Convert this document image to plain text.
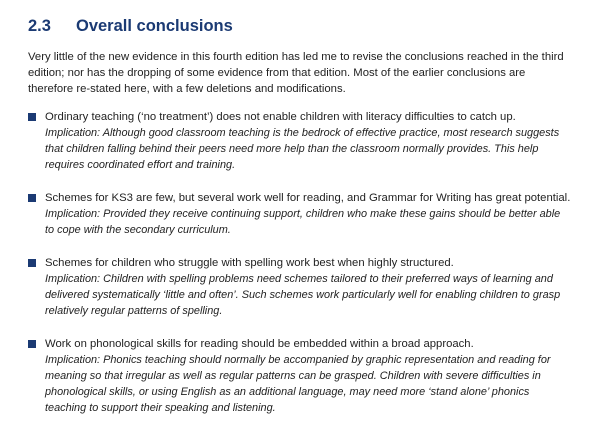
2.3	Overall conclusions

Very little of the new evidence in this fourth edition has led me to revise the conclusions reached in the third edition; nor has the dropping of some evidence from that edition. Most of the earlier conclusions are therefore re-stated here, with a few deletions and modifications.

Ordinary teaching (‘no treatment’) does not enable children with literacy difficulties to catch up.
Implication: Although good classroom teaching is the bedrock of effective practice, most research suggests that children falling behind their peers need more help than the classroom normally provides. This help requires coordinated effort and training.
Schemes for KS3 are few, but several work well for reading, and Grammar for Writing has great potential.
Implication: Provided they receive continuing support, children who make these gains should be better able to cope with the secondary curriculum.
Schemes for children who struggle with spelling work best when highly structured.
Implication: Children with spelling problems need schemes tailored to their preferred ways of learning and delivered systematically ‘little and often’. Such schemes work particularly well for enabling children to grasp relatively regular patterns of spelling.
Work on phonological skills for reading should be embedded within a broad approach.
Implication: Phonics teaching should normally be accompanied by graphic representation and reading for meaning so that irregular as well as regular patterns can be grasped. Children with severe difficulties in phonological skills, or using English as an additional language, may need more ‘stand alone’ phonics teaching to support their speaking and listening.
